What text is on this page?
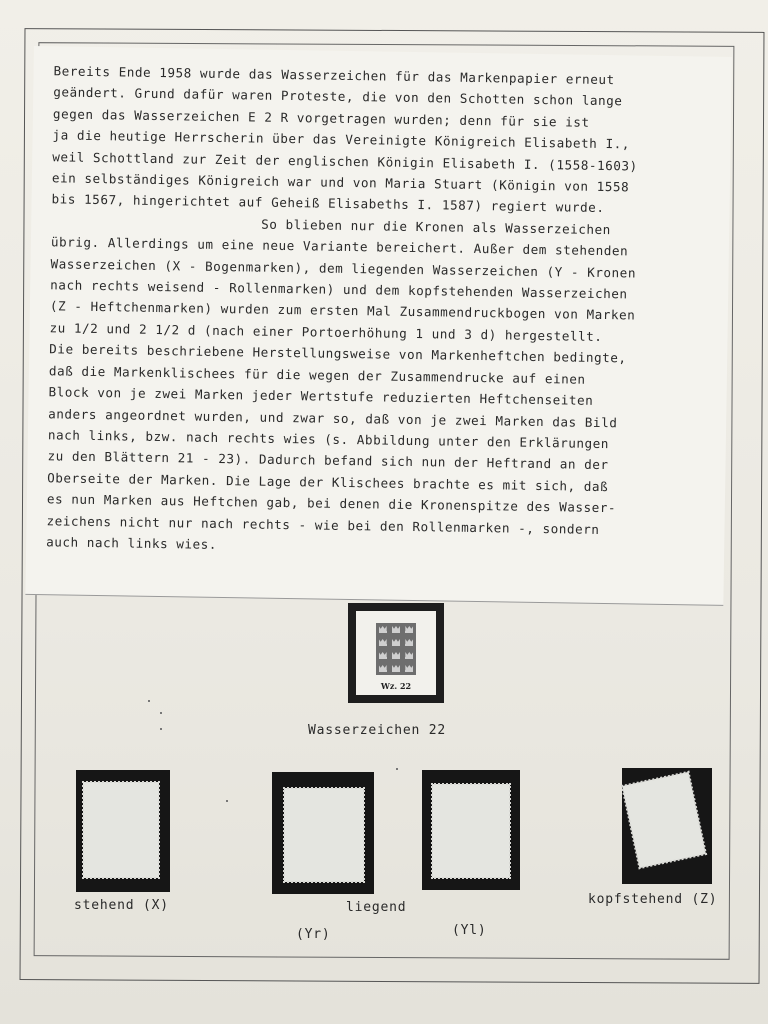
Bereits Ende 1958 wurde das Wasserzeichen für das Markenpapier erneut
geändert. Grund dafür waren Proteste, die von den Schotten schon lange
gegen das Wasserzeichen E 2 R vorgetragen wurden; denn für sie ist
ja die heutige Herrscherin über das Vereinigte Königreich Elisabeth I.,
weil Schottland zur Zeit der englischen Königin Elisabeth I. (1558-1603)
ein selbständiges Königreich war und von Maria Stuart (Königin von 1558
bis 1567, hingerichtet auf Geheiß Elisabeths I. 1587) regiert wurde.
So blieben nur die Kronen als Wasserzeichen
übrig. Allerdings um eine neue Variante bereichert. Außer dem stehenden
Wasserzeichen (X - Bogenmarken), dem liegenden Wasserzeichen (Y - Kronen
nach rechts weisend - Rollenmarken) und dem kopfstehenden Wasserzeichen
(Z - Heftchenmarken) wurden zum ersten Mal Zusammendruckbogen von Marken
zu 1/2 und 2 1/2 d (nach einer Portoerhöhung 1 und 3 d) hergestellt.
Die bereits beschriebene Herstellungsweise von Markenheftchen bedingte,
daß die Markenklischees für die wegen der Zusammendrucke auf einen
Block von je zwei Marken jeder Wertstufe reduzierten Heftchenseiten
anders angeordnet wurden, und zwar so, daß von je zwei Marken das Bild
nach links, bzw. nach rechts wies (s. Abbildung unter den Erklärungen
zu den Blättern 21 - 23). Dadurch befand sich nun der Heftrand an der
Oberseite der Marken. Die Lage der Klischees brachte es mit sich, daß
es nun Marken aus Heftchen gab, bei denen die Kronenspitze des Wasser-
zeichens nicht nur nach rechts - wie bei den Rollenmarken -, sondern
auch nach links wies.
Wz. 22
Wasserzeichen 22
stehend (X)	liegend
(Yr)	(Yl)
kopfstehend (Z)
